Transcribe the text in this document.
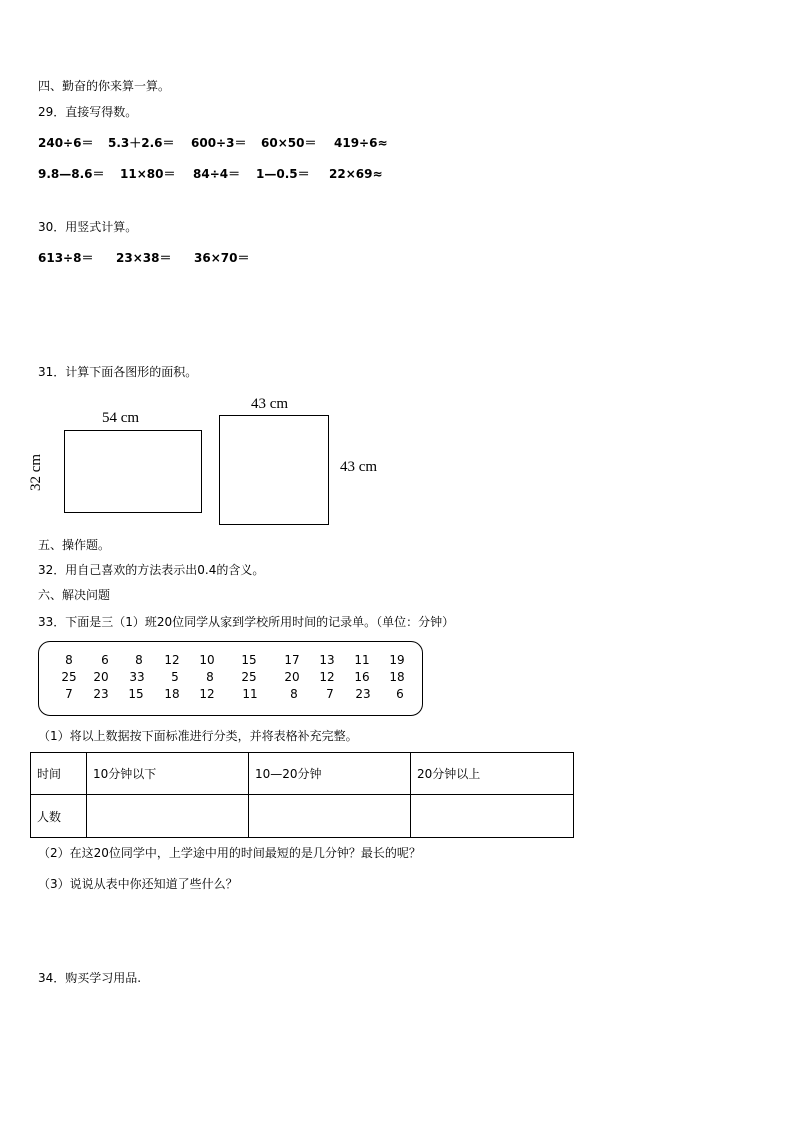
四、勤奋的你来算一算。
29．直接写得数。
240÷6＝ 5.3＋2.6＝ 600÷3＝ 60×50＝ 419÷6≈
9.8—8.6＝ 11×80＝ 84÷4＝ 1—0.5＝ 22×69≈
30．用竖式计算。
613÷8＝ 23×38＝ 36×70＝
31．计算下面各图形的面积。
54 cm
32 cm
43 cm
43 cm
五、操作题。
32．用自己喜欢的方法表示出0.4的含义。
六、解决问题
33．下面是三（1）班20位同学从家到学校所用时间的记录单。（单位：分钟）
8	6	8	12	10	15	17	13	11	19
25	20	33	5	8	25	20	12	16	18
7	23	15	18	12	11	8	7	23	6
（1）将以上数据按下面标准进行分类，并将表格补充完整。
时间	10分钟以下	10—20分钟	20分钟以上
人数			
（2）在这20位同学中，上学途中用的时间最短的是几分钟？最长的呢？
（3）说说从表中你还知道了些什么？
34．购买学习用品.
